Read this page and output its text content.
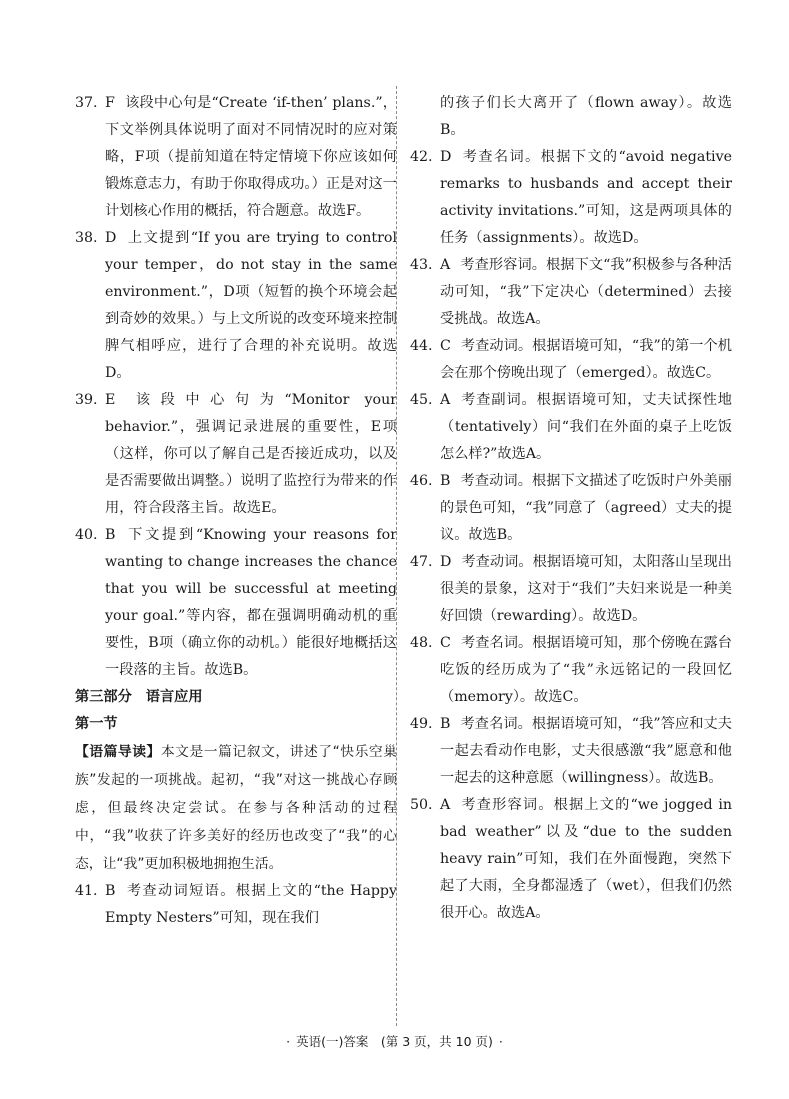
37. F 该段中心句是“Create ‘if-then’ plans.”，下文举例具体说明了面对不同情况时的应对策略，F项（提前知道在特定情境下你应该如何锻炼意志力，有助于你取得成功。）正是对这一计划核心作用的概括，符合题意。故选F。

38. D 上文提到“If you are trying to control your temper，do not stay in the same environment.”，D项（短暂的换个环境会起到奇妙的效果。）与上文所说的改变环境来控制脾气相呼应，进行了合理的补充说明。故选D。

39. E 该段中心句为“Monitor your behavior.”，强调记录进展的重要性，E项（这样，你可以了解自己是否接近成功，以及是否需要做出调整。）说明了监控行为带来的作用，符合段落主旨。故选E。

40. B 下文提到“Knowing your reasons for wanting to change increases the chance that you will be successful at meeting your goal.”等内容，都在强调明确动机的重要性，B项（确立你的动机。）能很好地概括这一段落的主旨。故选B。

第三部分 语言应用

第一节

【语篇导读】本文是一篇记叙文，讲述了“快乐空巢族”发起的一项挑战。起初，“我”对这一挑战心存顾虑，但最终决定尝试。在参与各种活动的过程中，“我”收获了许多美好的经历也改变了“我”的心态，让“我”更加积极地拥抱生活。

41. B 考查动词短语。根据上文的“the Happy Empty Nesters”可知，现在我们

的孩子们长大离开了（flown away）。故选B。

42. D 考查名词。根据下文的“avoid negative remarks to husbands and accept their activity invitations.”可知，这是两项具体的任务（assignments）。故选D。

43. A 考查形容词。根据下文“我”积极参与各种活动可知，“我”下定决心（determined）去接受挑战。故选A。

44. C 考查动词。根据语境可知，“我”的第一个机会在那个傍晚出现了（emerged）。故选C。

45. A 考查副词。根据语境可知，丈夫试探性地（tentatively）问“我们在外面的桌子上吃饭怎么样?”故选A。

46. B 考查动词。根据下文描述了吃饭时户外美丽的景色可知，“我”同意了（agreed）丈夫的提议。故选B。

47. D 考查动词。根据语境可知，太阳落山呈现出很美的景象，这对于“我们”夫妇来说是一种美好回馈（rewarding）。故选D。

48. C 考查名词。根据语境可知，那个傍晚在露台吃饭的经历成为了“我”永远铭记的一段回忆（memory）。故选C。

49. B 考查名词。根据语境可知，“我”答应和丈夫一起去看动作电影，丈夫很感激“我”愿意和他一起去的这种意愿（willingness）。故选B。

50. A 考查形容词。根据上文的“we jogged in bad weather”以及“due to the sudden heavy rain”可知，我们在外面慢跑，突然下起了大雨，全身都湿透了（wet），但我们仍然很开心。故选A。

· 英语(一)答案　(第 3 页，共 10 页) ·
